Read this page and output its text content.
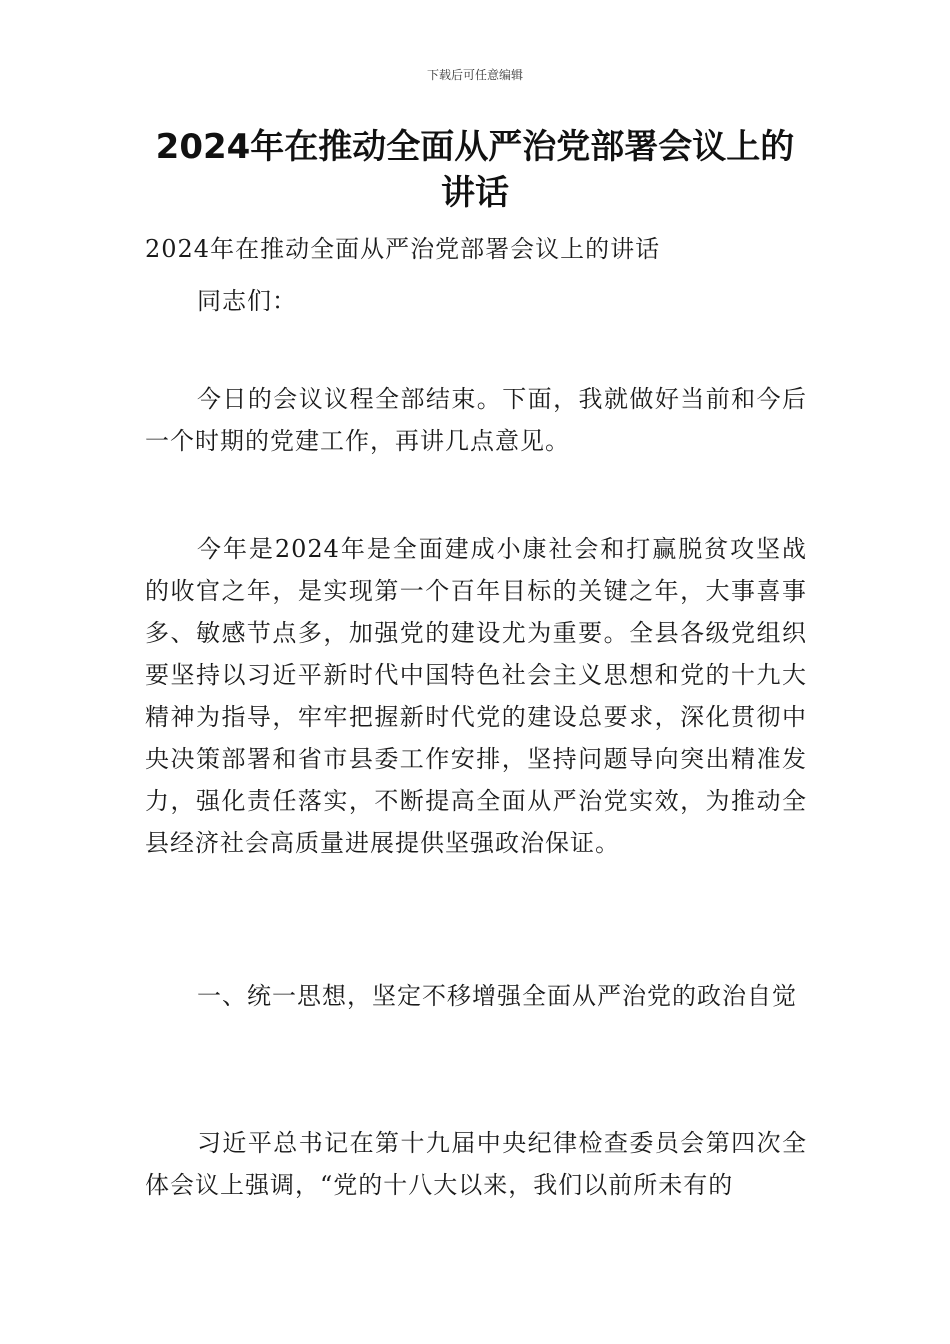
下载后可任意编辑
2024年在推动全面从严治党部署会议上的讲话

2024年在推动全面从严治党部署会议上的讲话

同志们：

今日的会议议程全部结束。下面，我就做好当前和今后一个时期的党建工作，再讲几点意见。

今年是2024年是全面建成小康社会和打赢脱贫攻坚战的收官之年，是实现第一个百年目标的关键之年，大事喜事多、敏感节点多，加强党的建设尤为重要。全县各级党组织要坚持以习近平新时代中国特色社会主义思想和党的十九大精神为指导，牢牢把握新时代党的建设总要求，深化贯彻中央决策部署和省市县委工作安排，坚持问题导向突出精准发力，强化责任落实，不断提高全面从严治党实效，为推动全县经济社会高质量进展提供坚强政治保证。

一、统一思想，坚定不移增强全面从严治党的政治自觉

习近平总书记在第十九届中央纪律检查委员会第四次全体会议上强调，“党的十八大以来，我们以前所未有的
